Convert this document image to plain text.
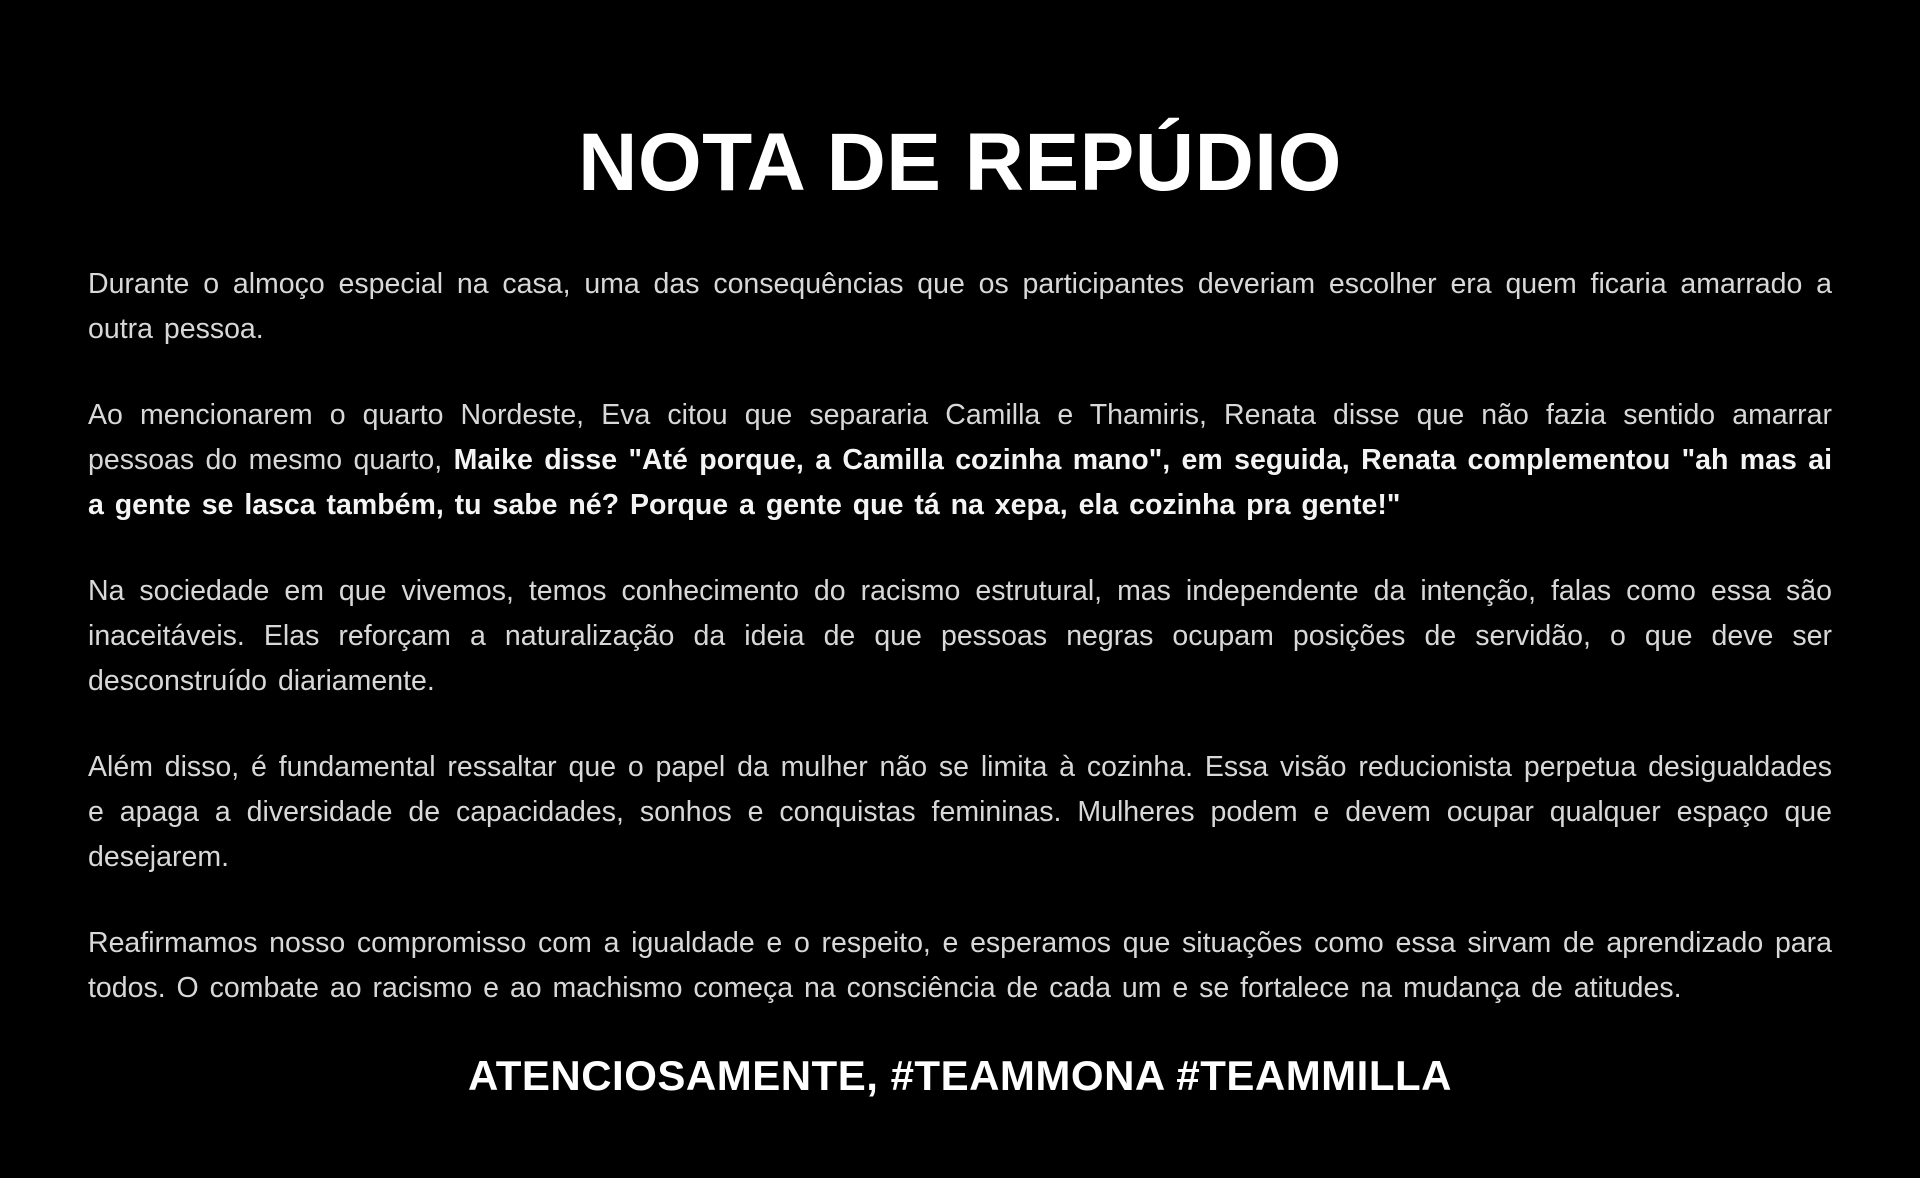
NOTA DE REPÚDIO

Durante o almoço especial na casa, uma das consequências que os participantes deveriam escolher era quem ficaria amarrado a outra pessoa.

Ao mencionarem o quarto Nordeste, Eva citou que separaria Camilla e Thamiris, Renata disse que não fazia sentido amarrar pessoas do mesmo quarto, Maike disse "Até porque, a Camilla cozinha mano", em seguida, Renata complementou "ah mas ai a gente se lasca também, tu sabe né? Porque a gente que tá na xepa, ela cozinha pra gente!"

Na sociedade em que vivemos, temos conhecimento do racismo estrutural, mas independente da intenção, falas como essa são inaceitáveis. Elas reforçam a naturalização da ideia de que pessoas negras ocupam posições de servidão, o que deve ser desconstruído diariamente.

Além disso, é fundamental ressaltar que o papel da mulher não se limita à cozinha. Essa visão reducionista perpetua desigualdades e apaga a diversidade de capacidades, sonhos e conquistas femininas. Mulheres podem e devem ocupar qualquer espaço que desejarem.

Reafirmamos nosso compromisso com a igualdade e o respeito, e esperamos que situações como essa sirvam de aprendizado para todos. O combate ao racismo e ao machismo começa na consciência de cada um e se fortalece na mudança de atitudes.

ATENCIOSAMENTE, #TEAMMONA #TEAMMILLA
